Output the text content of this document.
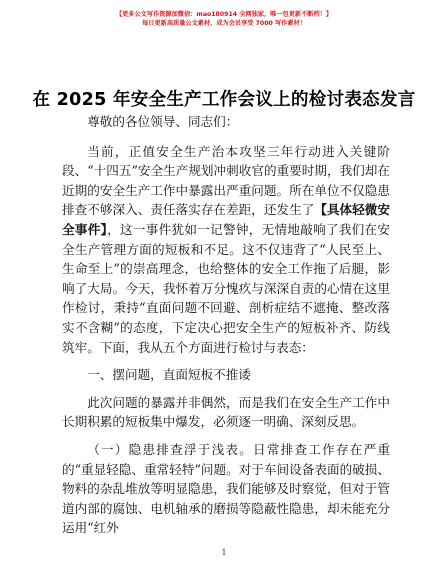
【更多公文写作资源加微信：mao180914 全网独家，唯一包更新不断档！】
每日更新高质量公文素材，成为会员享受 7000 写作素材！
在 2025 年安全生产工作会议上的检讨表态发言

尊敬的各位领导、同志们：

当前，正值安全生产治本攻坚三年行动进入关键阶段、“十四五”安全生产规划冲刺收官的重要时期，我们却在近期的安全生产工作中暴露出严重问题。所在单位不仅隐患排查不够深入、责任落实存在差距，还发生了【具体轻微安全事件】，这一事件犹如一记警钟，无情地敲响了我们在安全生产管理方面的短板和不足。这不仅违背了“人民至上、生命至上”的崇高理念，也给整体的安全工作拖了后腿，影响了大局。今天，我怀着万分愧疚与深深自责的心情在这里作检讨，秉持“直面问题不回避、剖析症结不遮掩、整改落实不含糊”的态度，下定决心把安全生产的短板补齐、防线筑牢。下面，我从五个方面进行检讨与表态：

一、摆问题，直面短板不推诿

此次问题的暴露并非偶然，而是我们在安全生产工作中长期积累的短板集中爆发，必须逐一明确、深刻反思。

（一）隐患排查浮于浅表。日常排查工作存在严重的“重显轻隐、重常轻特”问题。对于车间设备表面的破损、物料的杂乱堆放等明显隐患，我们能够及时察觉，但对于管道内部的腐蚀、电机轴承的磨损等隐蔽性隐患，却未能充分运用“红外

1
